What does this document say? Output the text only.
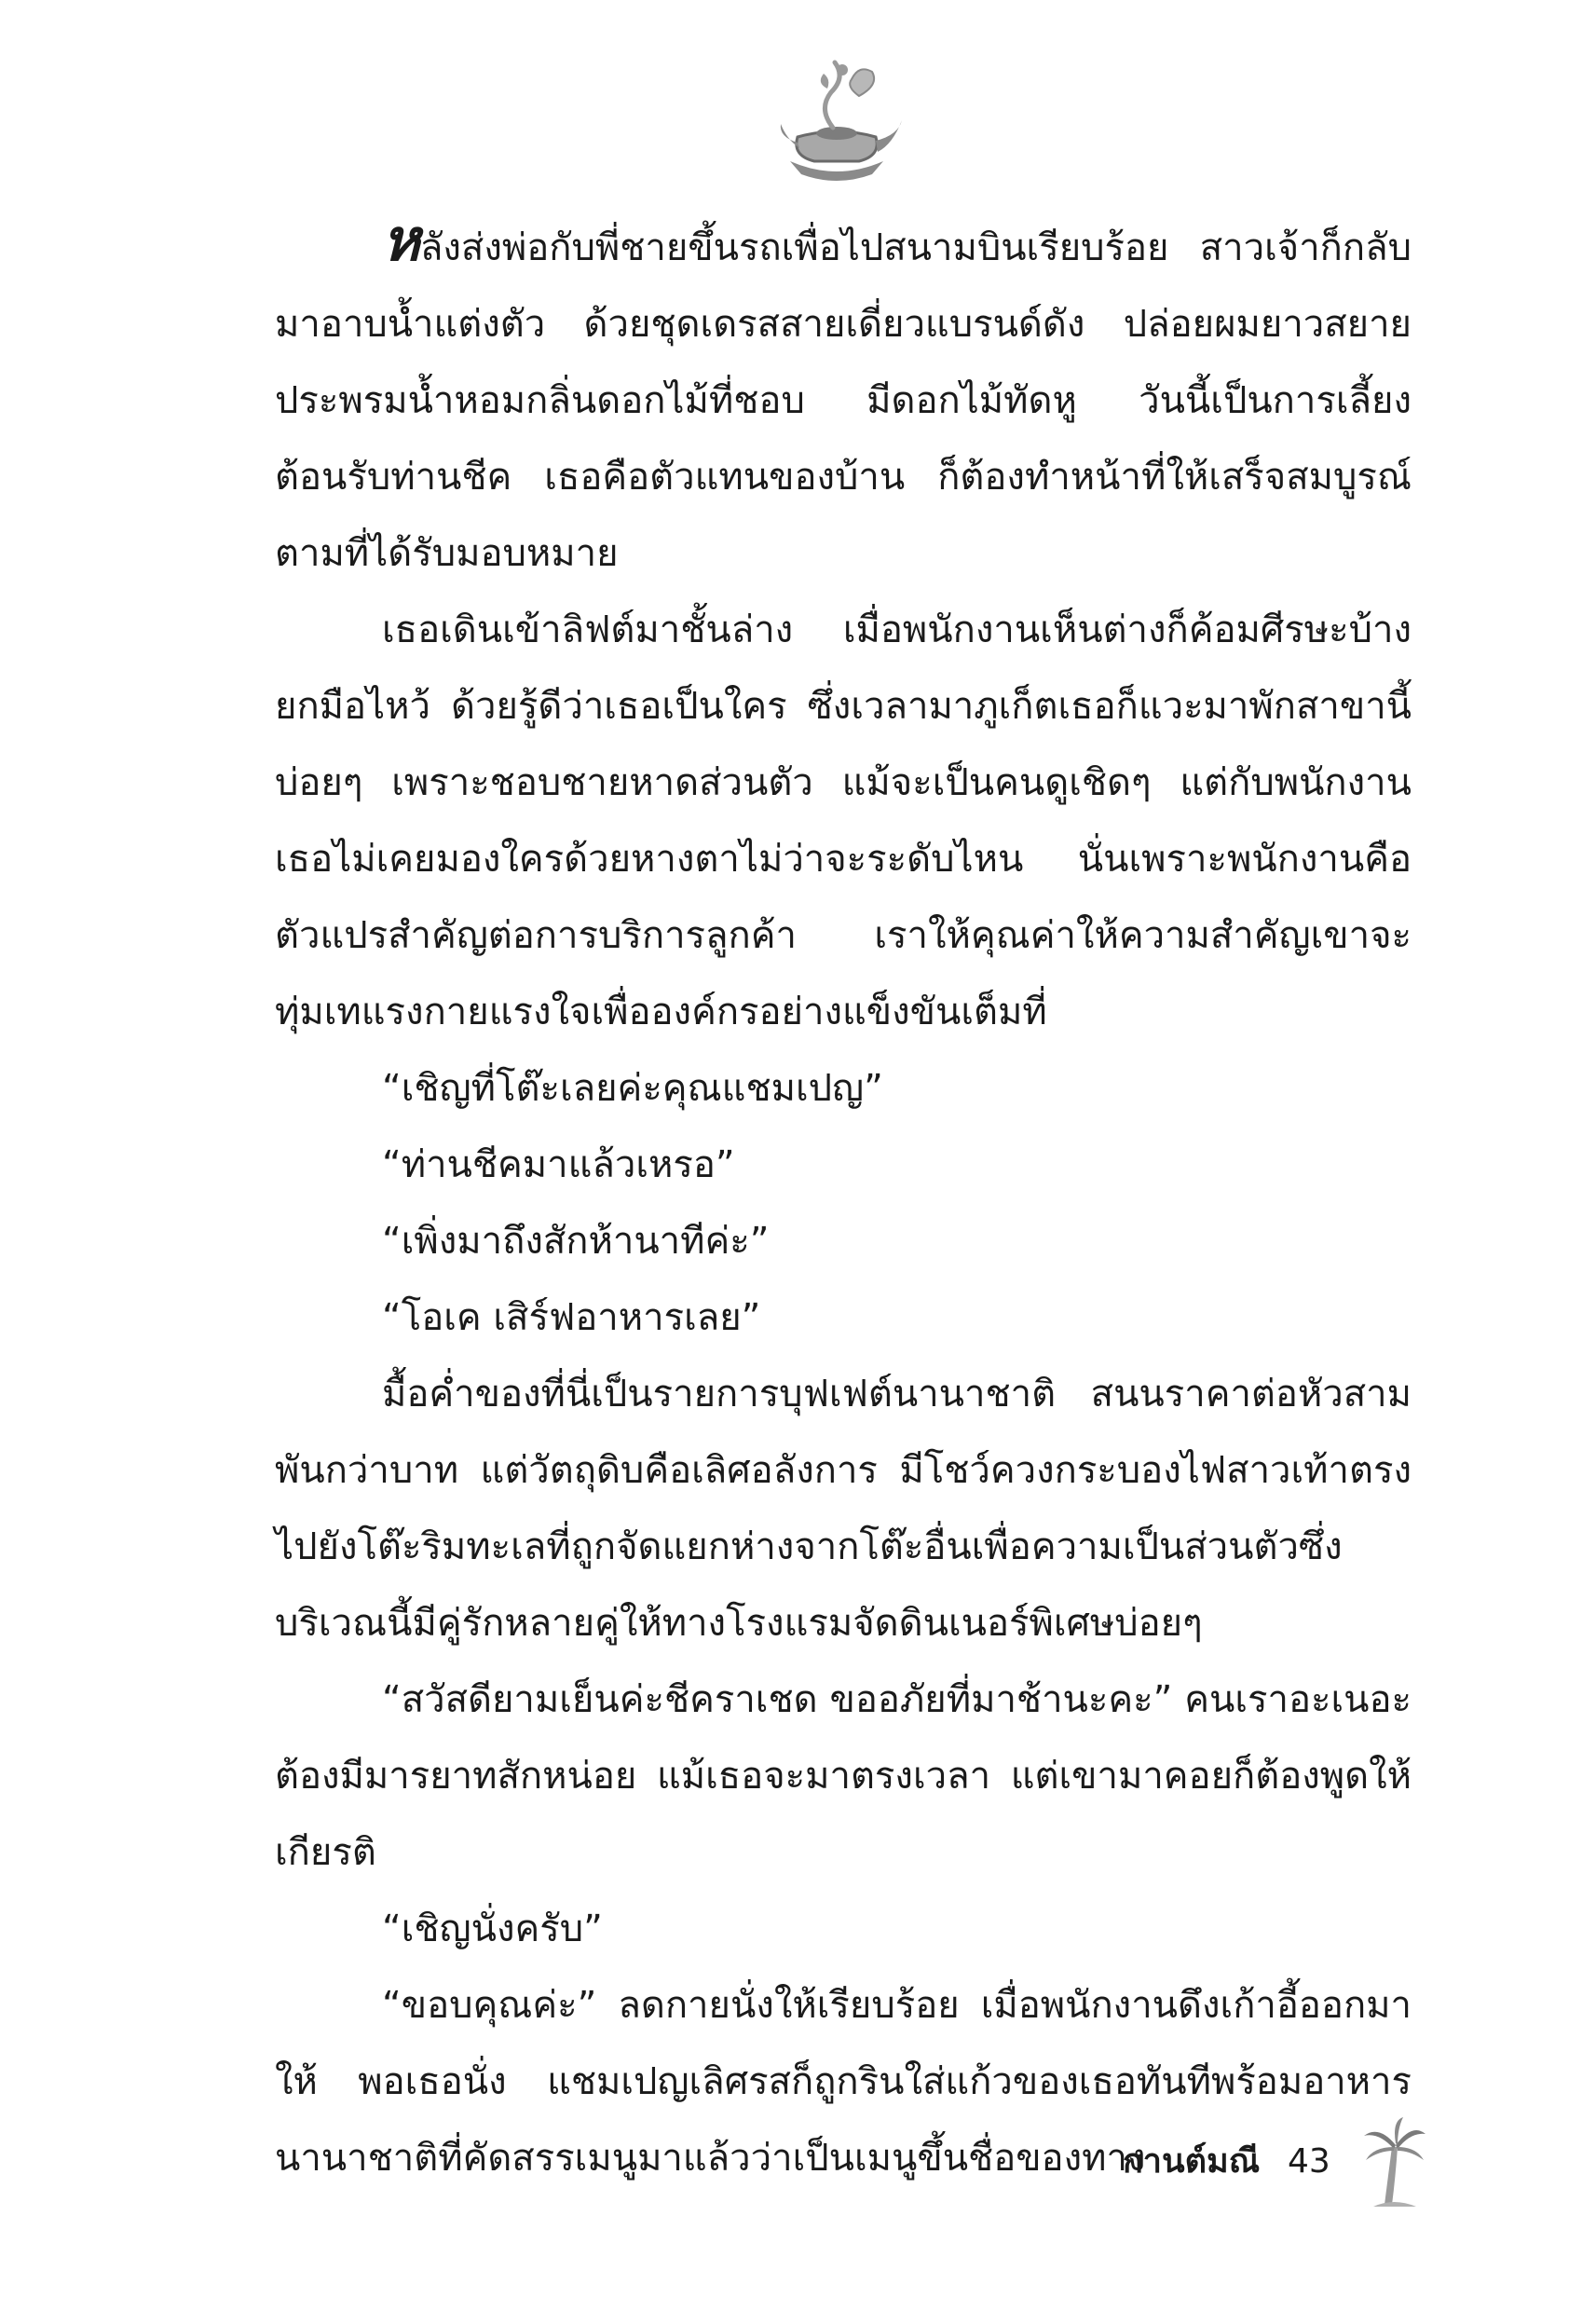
หลังส่งพ่อกับพี่ชายขึ้นรถเพื่อไปสนามบินเรียบร้อย สาวเจ้าก็กลับมาอาบน้ำแต่งตัว ด้วยชุดเดรสสายเดี่ยวแบรนด์ดัง ปล่อยผมยาวสยายประพรมน้ำหอมกลิ่นดอกไม้ที่ชอบ มีดอกไม้ทัดหู วันนี้เป็นการเลี้ยงต้อนรับท่านชีค เธอคือตัวแทนของบ้าน ก็ต้องทำหน้าที่ให้เสร็จสมบูรณ์ตามที่ได้รับมอบหมาย

เธอเดินเข้าลิฟต์มาชั้นล่าง เมื่อพนักงานเห็นต่างก็ค้อมศีรษะบ้างยกมือไหว้ ด้วยรู้ดีว่าเธอเป็นใคร ซึ่งเวลามาภูเก็ตเธอก็แวะมาพักสาขานี้บ่อยๆ เพราะชอบชายหาดส่วนตัว แม้จะเป็นคนดูเชิดๆ แต่กับพนักงานเธอไม่เคยมองใครด้วยหางตาไม่ว่าจะระดับไหน นั่นเพราะพนักงานคือตัวแปรสำคัญต่อการบริการลูกค้า เราให้คุณค่าให้ความสำคัญเขาจะทุ่มเทแรงกายแรงใจเพื่อองค์กรอย่างแข็งขันเต็มที่

“เชิญที่โต๊ะเลยค่ะคุณแชมเปญ”

“ท่านชีคมาแล้วเหรอ”

“เพิ่งมาถึงสักห้านาทีค่ะ”

“โอเค เสิร์ฟอาหารเลย”

มื้อค่ำของที่นี่เป็นรายการบุฟเฟต์นานาชาติ สนนราคาต่อหัวสามพันกว่าบาท แต่วัตถุดิบคือเลิศอลังการ มีโชว์ควงกระบองไฟสาวเท้าตรงไปยังโต๊ะริมทะเลที่ถูกจัดแยกห่างจากโต๊ะอื่นเพื่อความเป็นส่วนตัวซึ่งบริเวณนี้มีคู่รักหลายคู่ให้ทางโรงแรมจัดดินเนอร์พิเศษบ่อยๆ

“สวัสดียามเย็นค่ะชีคราเชด ขออภัยที่มาช้านะคะ” คนเราอะเนอะต้องมีมารยาทสักหน่อย แม้เธอจะมาตรงเวลา แต่เขามาคอยก็ต้องพูดให้เกียรติ

“เชิญนั่งครับ”

“ขอบคุณค่ะ” ลดกายนั่งให้เรียบร้อย เมื่อพนักงานดึงเก้าอี้ออกมาให้ พอเธอนั่ง แชมเปญเลิศรสก็ถูกรินใส่แก้วของเธอทันทีพร้อมอาหารนานาชาติที่คัดสรรเมนูมาแล้วว่าเป็นเมนูขึ้นชื่อของทาง

กานต์มณี 43
